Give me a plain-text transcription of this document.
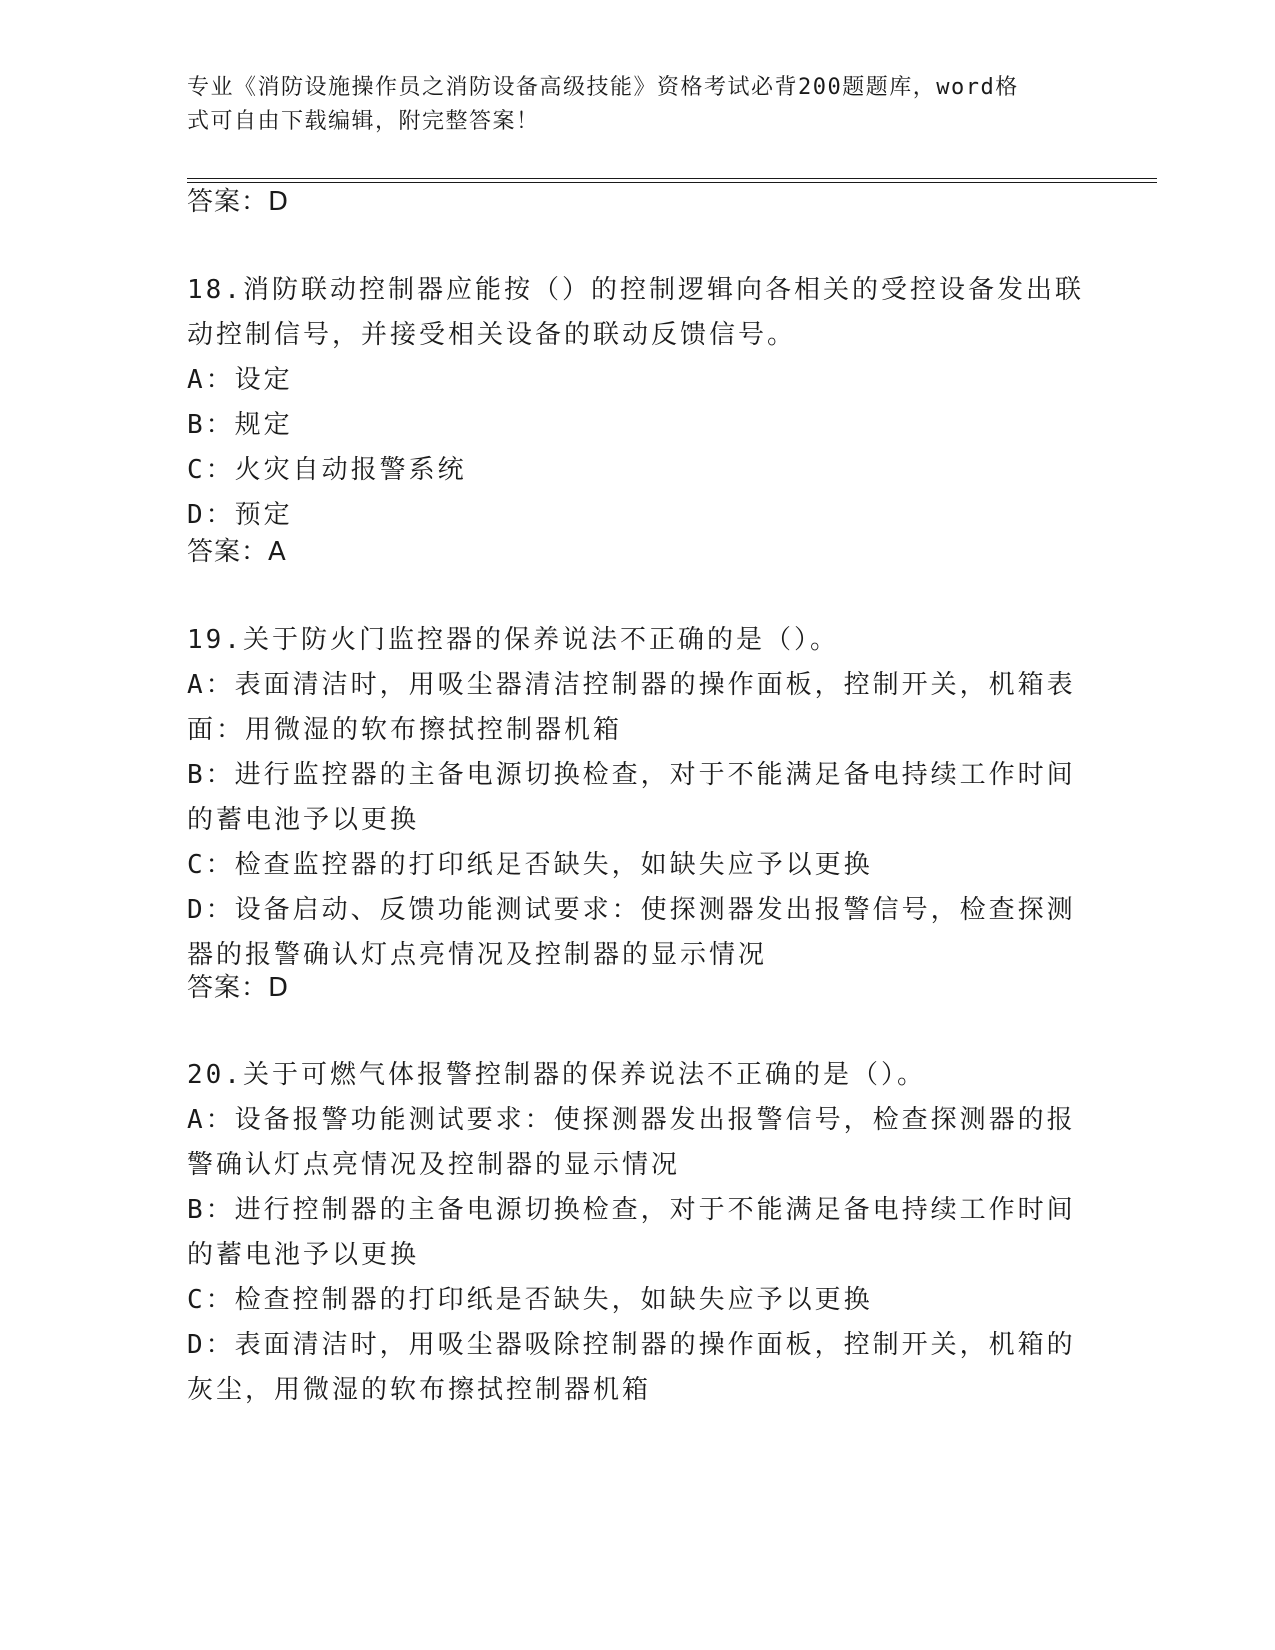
专业《消防设施操作员之消防设备高级技能》资格考试必背200题题库，word格
式可自由下载编辑，附完整答案！
答案：D
18.消防联动控制器应能按（）的控制逻辑向各相关的受控设备发出联
动控制信号，并接受相关设备的联动反馈信号。
A：设定
B：规定
C：火灾自动报警系统
D：预定
答案：A
19.关于防火门监控器的保养说法不正确的是（）。
A：表面清洁时，用吸尘器清洁控制器的操作面板，控制开关，机箱表
面：用微湿的软布擦拭控制器机箱
B：进行监控器的主备电源切换检查，对于不能满足备电持续工作时间
的蓄电池予以更换
C：检查监控器的打印纸足否缺失，如缺失应予以更换
D：设备启动、反馈功能测试要求：使探测器发出报警信号，检查探测
器的报警确认灯点亮情况及控制器的显示情况
答案：D
20.关于可燃气体报警控制器的保养说法不正确的是（）。
A：设备报警功能测试要求：使探测器发出报警信号，检查探测器的报
警确认灯点亮情况及控制器的显示情况
B：进行控制器的主备电源切换检查，对于不能满足备电持续工作时间
的蓄电池予以更换
C：检查控制器的打印纸是否缺失，如缺失应予以更换
D：表面清洁时，用吸尘器吸除控制器的操作面板，控制开关，机箱的
灰尘，用微湿的软布擦拭控制器机箱
